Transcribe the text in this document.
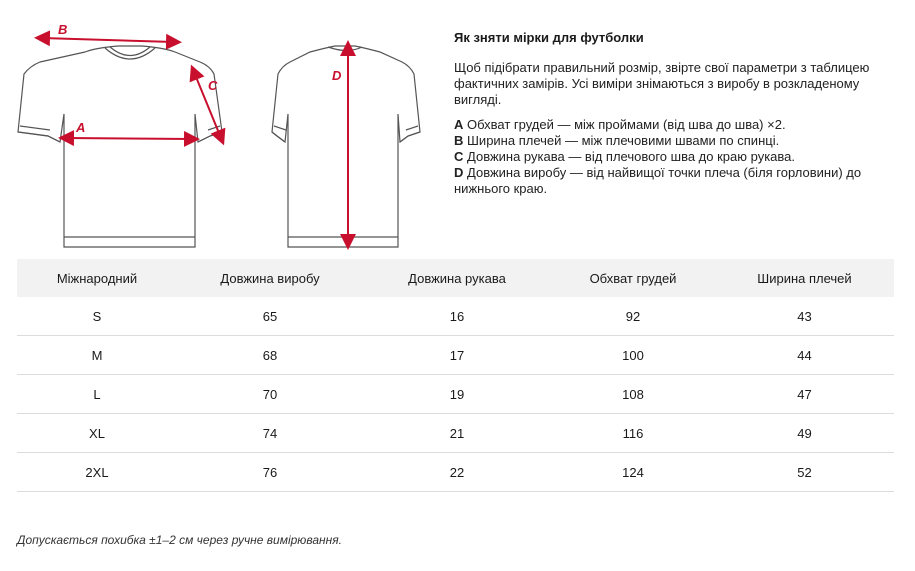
B
A
C
D

Як зняти мірки для футболки

Щоб підібрати правильний розмір, звірте свої параметри з таблицею фактичних замірів. Усі виміри знімаються з виробу в розкладеному вигляді.

A Обхват грудей — між проймами (від шва до шва) ×2.

B Ширина плечей — між плечовими швами по спинці.

C Довжина рукава — від плечового шва до краю рукава.

D Довжина виробу — від найвищої точки плеча (біля горловини) до нижнього краю.

Міжнародний	Довжина виробу	Довжина рукава	Обхват грудей	Ширина плечей
S	65	16	92	43
M	68	17	100	44
L	70	19	108	47
XL	74	21	116	49
2XL	76	22	124	52
Допускається похибка ±1–2 см через ручне вимірювання.
